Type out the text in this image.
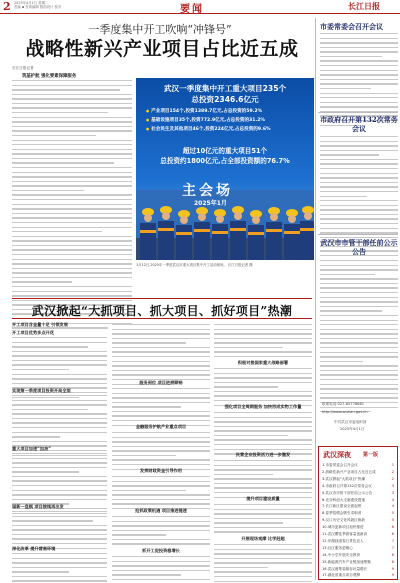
2 2025年4月1日 星期二
责编 ▪ 首席编辑 版面设计 校对	要闻	长江日报
一季度集中开工吹响“冲锋号”
战略性新兴产业项目占比近五成
长江日报记者
筑基护航 强化要素保障服务
武汉一季度集中开工重大项目235个
总投资2346.6亿元
● 产业项目154个,投资1389.7亿元,占总投资的59.2%
● 基础设施项目35个,投资772.9亿元,占总投资的31.2%
● 社会民生及其他项目46个,投资224亿元,占总投资的9.6%
超过10亿元的重大项目51个
总投资约1800亿元,占全部投资额的76.7%
主会场
2025年1月
1月12日,2025年一季度武汉市重大项目集中开工活动现场。 长江日报记者 摄
武汉掀起“大抓项目、抓大项目、抓好项目”热潮
开工项目含金量十足 引领发展
开工项目优势多点开花
实现第一季度项目投资开局全面
重大项目加速“加油”
谋新一盘棋 项目接续再出发
深化改革 提升营商环境
服务到位 项目进展顺畅
金融服务护航产业重点项目
发挥财政资金引导作用
抢抓政策机遇 项目推进提速
抓开工促投资稳增长
积极对接国家重大战略部署
强化项目全周期服务 加快形成实物工作量
民营企业投资活力进一步激发
提升项目建设质量
开展现场观摩 比学赶超
市委常委会召开会议
市政府召开第132次常务会议
武汉市市管干部任前公示公告
联系电话:027-85778881
http://www.wuhan.gov.cn
中共武汉市委组织部
2025年4月1日
武汉深夜 第一版
1.市委常委会召开会议	1
2.战略性新兴产业项目占比近五成	2
3.武汉掀起“大抓项目”热潮	2
4.市政府召开第132次常务会议	3
5.武汉市市管干部任前公示公告	3
6.光谷科创大走廊建设提速	4
7.长江新区建设全面起势	4
8.春季招聘会吸引求职者	5
9.汉口历史文化风貌区焕新	5
10.城市更新项目加快推进	6
11.武汉樱花季游客量创新高	6
12.东湖绿道春日景色宜人	7
13.社区服务更暖心	7
14.中小学开展安全教育	8
15.新能源汽车产业链加速集聚	8
16.武汉港集装箱吞吐量增长	9
17.湖北省重点项目观摩	9
